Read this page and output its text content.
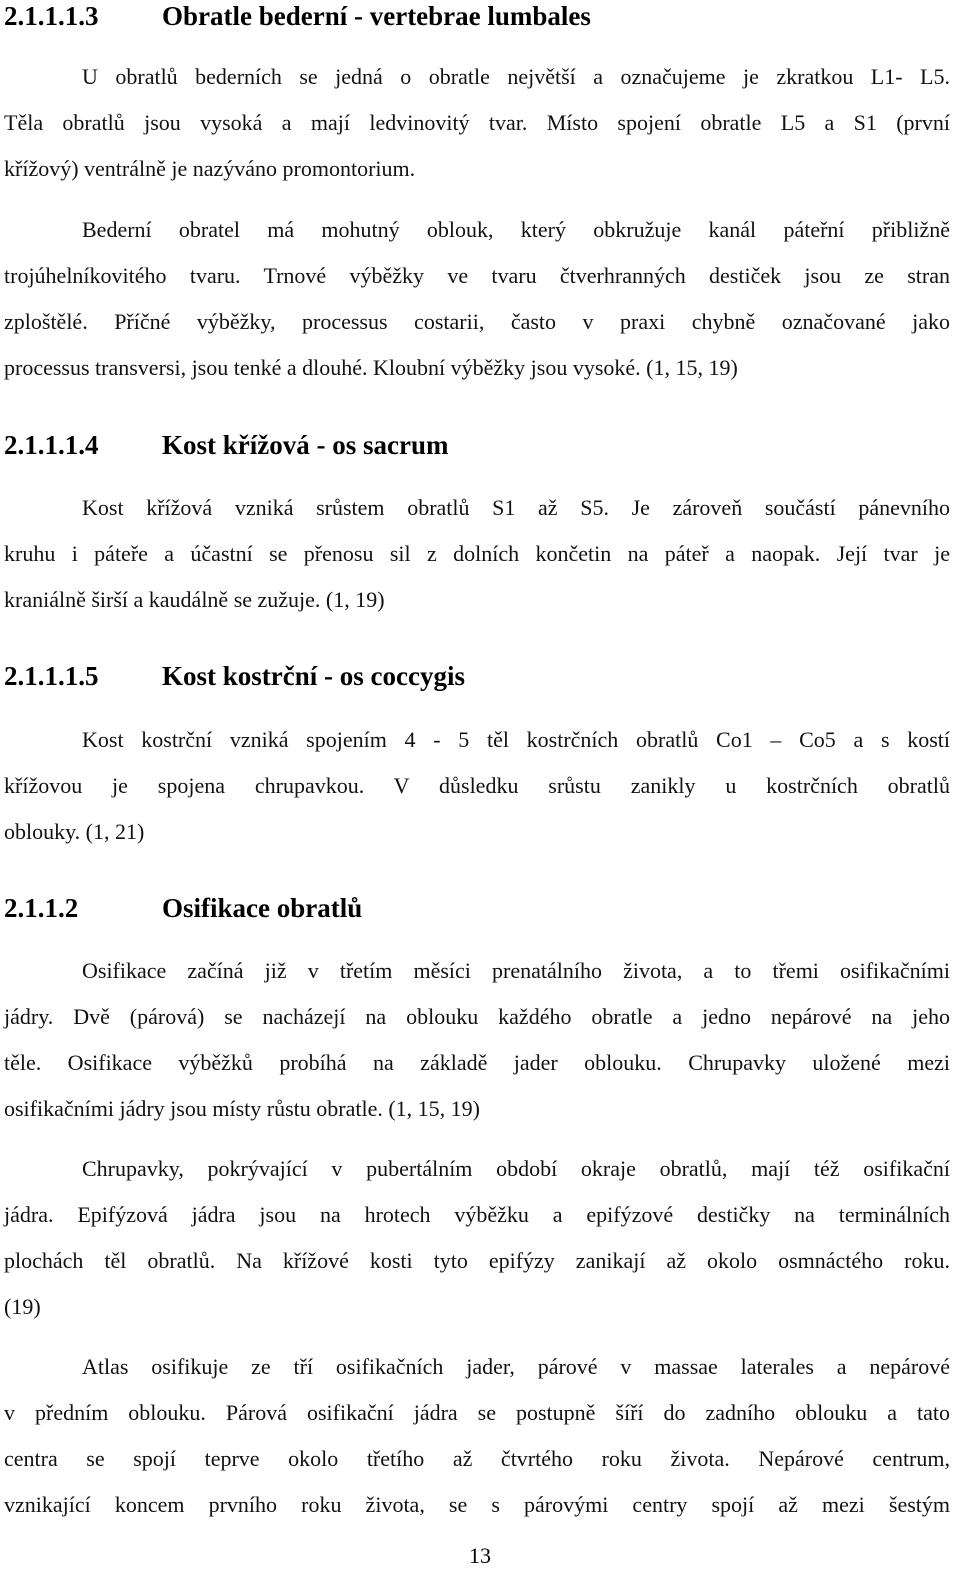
2.1.1.1.3 Obratle bederní - vertebrae lumbales
U obratlů bederních se jedná o obratle největší a označujeme je zkratkou L1- L5.
Těla obratlů jsou vysoká a mají ledvinovitý tvar. Místo spojení obratle L5 a S1 (první
křížový) ventrálně je nazýváno promontorium.
Bederní obratel má mohutný oblouk, který obkružuje kanál páteřní přibližně
trojúhelníkovitého tvaru. Trnové výběžky ve tvaru čtverhranných destiček jsou ze stran
zploštělé. Příčné výběžky, processus costarii, často v praxi chybně označované jako
processus transversi, jsou tenké a dlouhé. Kloubní výběžky jsou vysoké. (1, 15, 19)
2.1.1.1.4 Kost křížová - os sacrum
Kost křížová vzniká srůstem obratlů S1 až S5. Je zároveň součástí pánevního
kruhu i páteře a účastní se přenosu sil z dolních končetin na páteř a naopak. Její tvar je
kraniálně širší a kaudálně se zužuje. (1, 19)
2.1.1.1.5 Kost kostrční - os coccygis
Kost kostrční vzniká spojením 4 - 5 těl kostrčních obratlů Co1 – Co5 a s kostí
křížovou je spojena chrupavkou. V důsledku srůstu zanikly u kostrčních obratlů
oblouky. (1, 21)
2.1.1.2	Osifikace obratlů
Osifikace začíná již v třetím měsíci prenatálního života, a to třemi osifikačními
jádry. Dvě (párová) se nacházejí na oblouku každého obratle a jedno nepárové na jeho
těle. Osifikace výběžků probíhá na základě jader oblouku. Chrupavky uložené mezi
osifikačními jádry jsou místy růstu obratle. (1, 15, 19)
Chrupavky, pokrývající v pubertálním období okraje obratlů, mají též osifikační
jádra. Epifýzová jádra jsou na hrotech výběžku a epifýzové destičky na terminálních
plochách těl obratlů. Na křížové kosti tyto epifýzy zanikají až okolo osmnáctého roku.
(19)
Atlas osifikuje ze tří osifikačních jader, párové v massae laterales a nepárové
v předním oblouku. Párová osifikační jádra se postupně šíří do zadního oblouku a tato
centra se spojí teprve okolo třetího až čtvrtého roku života. Nepárové centrum,
vznikající koncem prvního roku života, se s párovými centry spojí až mezi šestým
13
